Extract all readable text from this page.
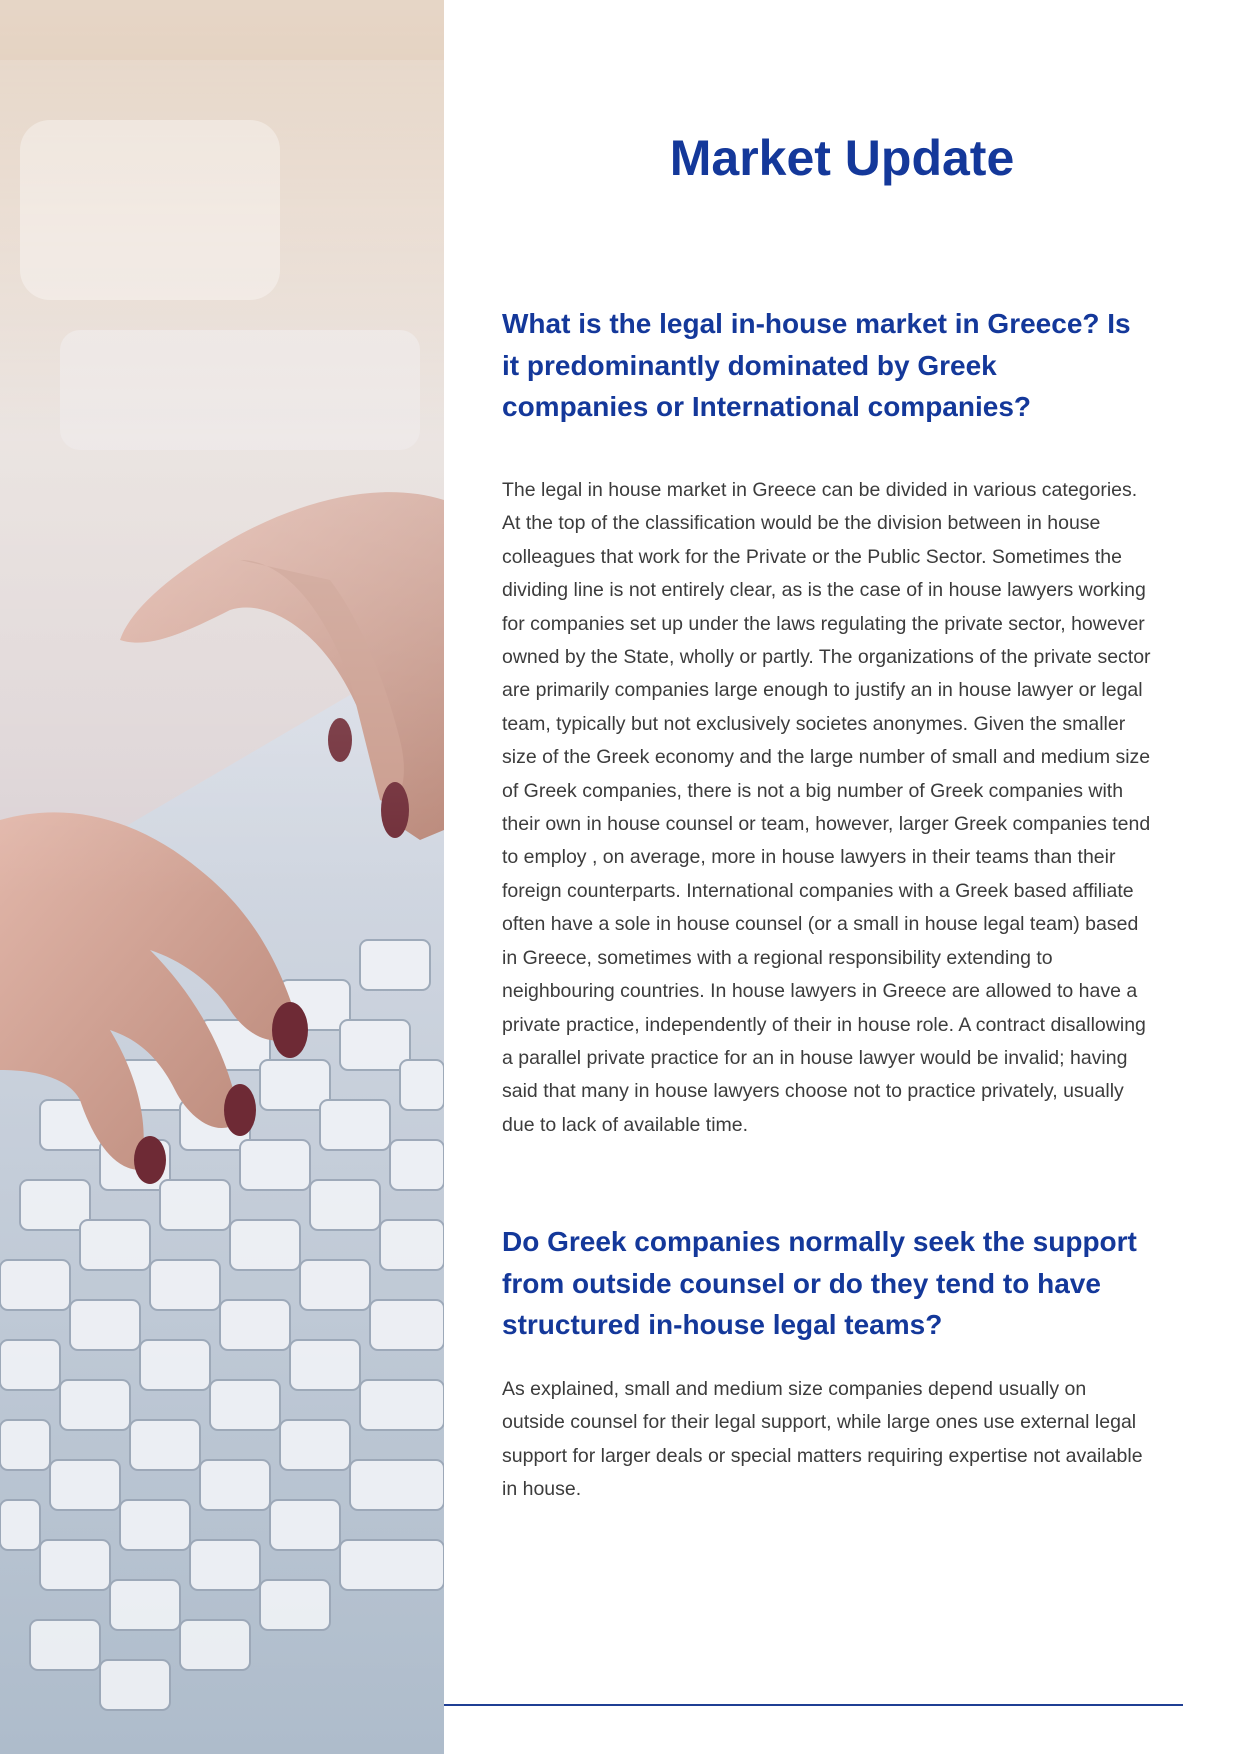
Market Update
What is the legal in-house market in Greece? Is it predominantly dominated by Greek companies or International companies?

The legal in house market in Greece can be divided in various categories. At the top of the classification would be the division between in house colleagues that work for the Private or the Public Sector. Sometimes the dividing line is not entirely clear, as is the case of in house lawyers working for companies set up under the laws regulating the private sector, however owned by the State, wholly or partly. The organizations of the private sector are primarily companies large enough to justify an in house lawyer or legal team, typically but not exclusively societes anonymes. Given the smaller size of the Greek economy and the large number of small and medium size of Greek companies, there is not a big number of Greek companies with their own in house counsel or team, however, larger Greek companies tend to employ , on average, more in house lawyers in their teams than their foreign counterparts. International companies with a Greek based affiliate often have a sole in house counsel (or a small in house legal team) based in Greece, sometimes with a regional responsibility extending to neighbouring countries. In house lawyers in Greece are allowed to have a private practice, independently of their in house role. A contract disallowing a parallel private practice for an in house lawyer would be invalid; having said that many in house lawyers choose not to practice privately, usually due to lack of available time.

Do Greek companies normally seek the support from outside counsel or do they tend to have structured in-house legal teams?

As explained, small and medium size companies depend usually on outside counsel for their legal support, while large ones use external legal support for larger deals or special matters requiring expertise not available in house.
